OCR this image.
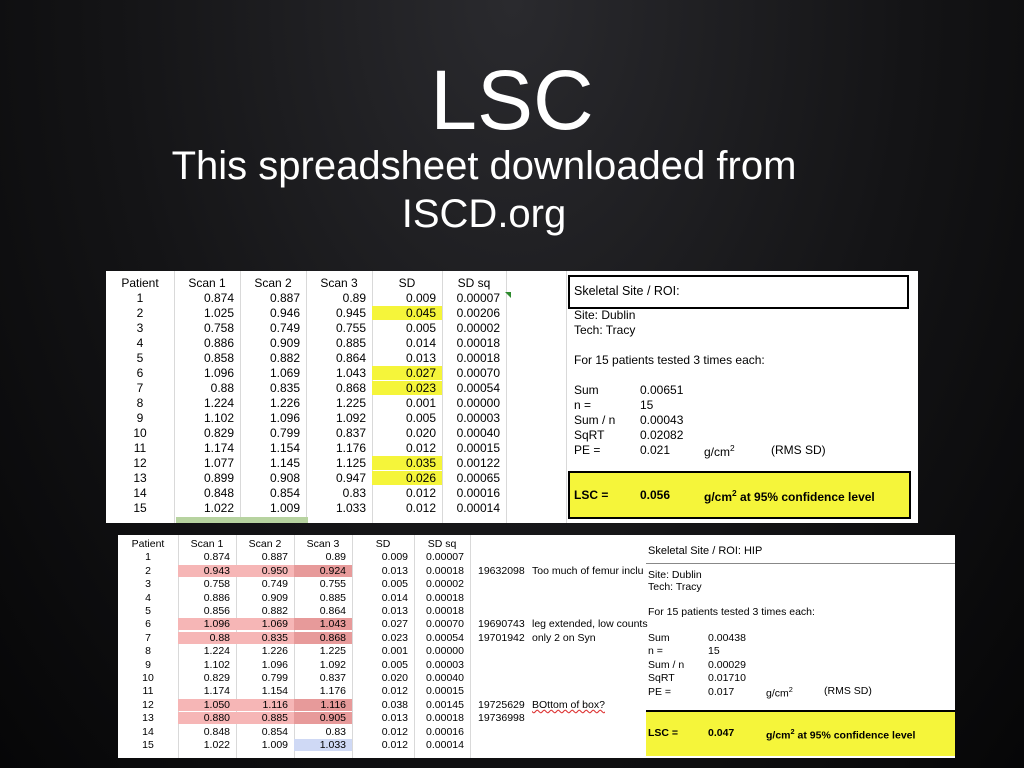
LSC
This spreadsheet downloaded from
ISCD.org
Patient	Scan 1	Scan 2	Scan 3	SD	SD sq
1	0.874	0.887	0.89	0.009	0.00007
2	1.025	0.946	0.945	0.045	0.00206
3	0.758	0.749	0.755	0.005	0.00002
4	0.886	0.909	0.885	0.014	0.00018
5	0.858	0.882	0.864	0.013	0.00018
6	1.096	1.069	1.043	0.027	0.00070
7	0.88	0.835	0.868	0.023	0.00054
8	1.224	1.226	1.225	0.001	0.00000
9	1.102	1.096	1.092	0.005	0.00003
10	0.829	0.799	0.837	0.020	0.00040
11	1.174	1.154	1.176	0.012	0.00015
12	1.077	1.145	1.125	0.035	0.00122
13	0.899	0.908	0.947	0.026	0.00065
14	0.848	0.854	0.83	0.012	0.00016
15	1.022	1.009	1.033	0.012	0.00014
Skeletal Site / ROI:
Site: Dublin
Tech: Tracy
For 15 patients tested 3 times each:
Sum	0.00651
n =	15
Sum / n 0.00043
SqRT	0.02082
PE =	0.021	$g/cm^2$	(RMS SD)
LSC =	0.056	$g/cm^2$ at 95% confidence level
Patient	Scan 1	Scan 2	Scan 3	SD	SD sq
1	0.874	0.887	0.89	0.009	0.00007
2	0.943	0.950	0.924	0.013	0.00018
3	0.758	0.749	0.755	0.005	0.00002
4	0.886	0.909	0.885	0.014	0.00018
5	0.856	0.882	0.864	0.013	0.00018
6	1.096	1.069	1.043	0.027	0.00070
7	0.88	0.835	0.868	0.023	0.00054
8	1.224	1.226	1.225	0.001	0.00000
9	1.102	1.096	1.092	0.005	0.00003
10	0.829	0.799	0.837	0.020	0.00040
11	1.174	1.154	1.176	0.012	0.00015
12	1.050	1.116	1.116	0.038	0.00145
13	0.880	0.885	0.905	0.013	0.00018
14	0.848	0.854	0.83	0.012	0.00016
15	1.022	1.009	1.033	0.012	0.00014
19632098 Too much of femur inclu
19690743 leg extended, low counts
19701942 only 2 on Syn
19725629 BOttom of box?
19736998
Skeletal Site / ROI: HIP
Site: Dublin
Tech: Tracy
For 15 patients tested 3 times each:
Sum	0.00438
n =	15
Sum / n 0.00029
SqRT	0.01710
PE =	0.017	$g/cm^2$	(RMS SD)
LSC =	0.047	$g/cm^2$ at 95% confidence level
